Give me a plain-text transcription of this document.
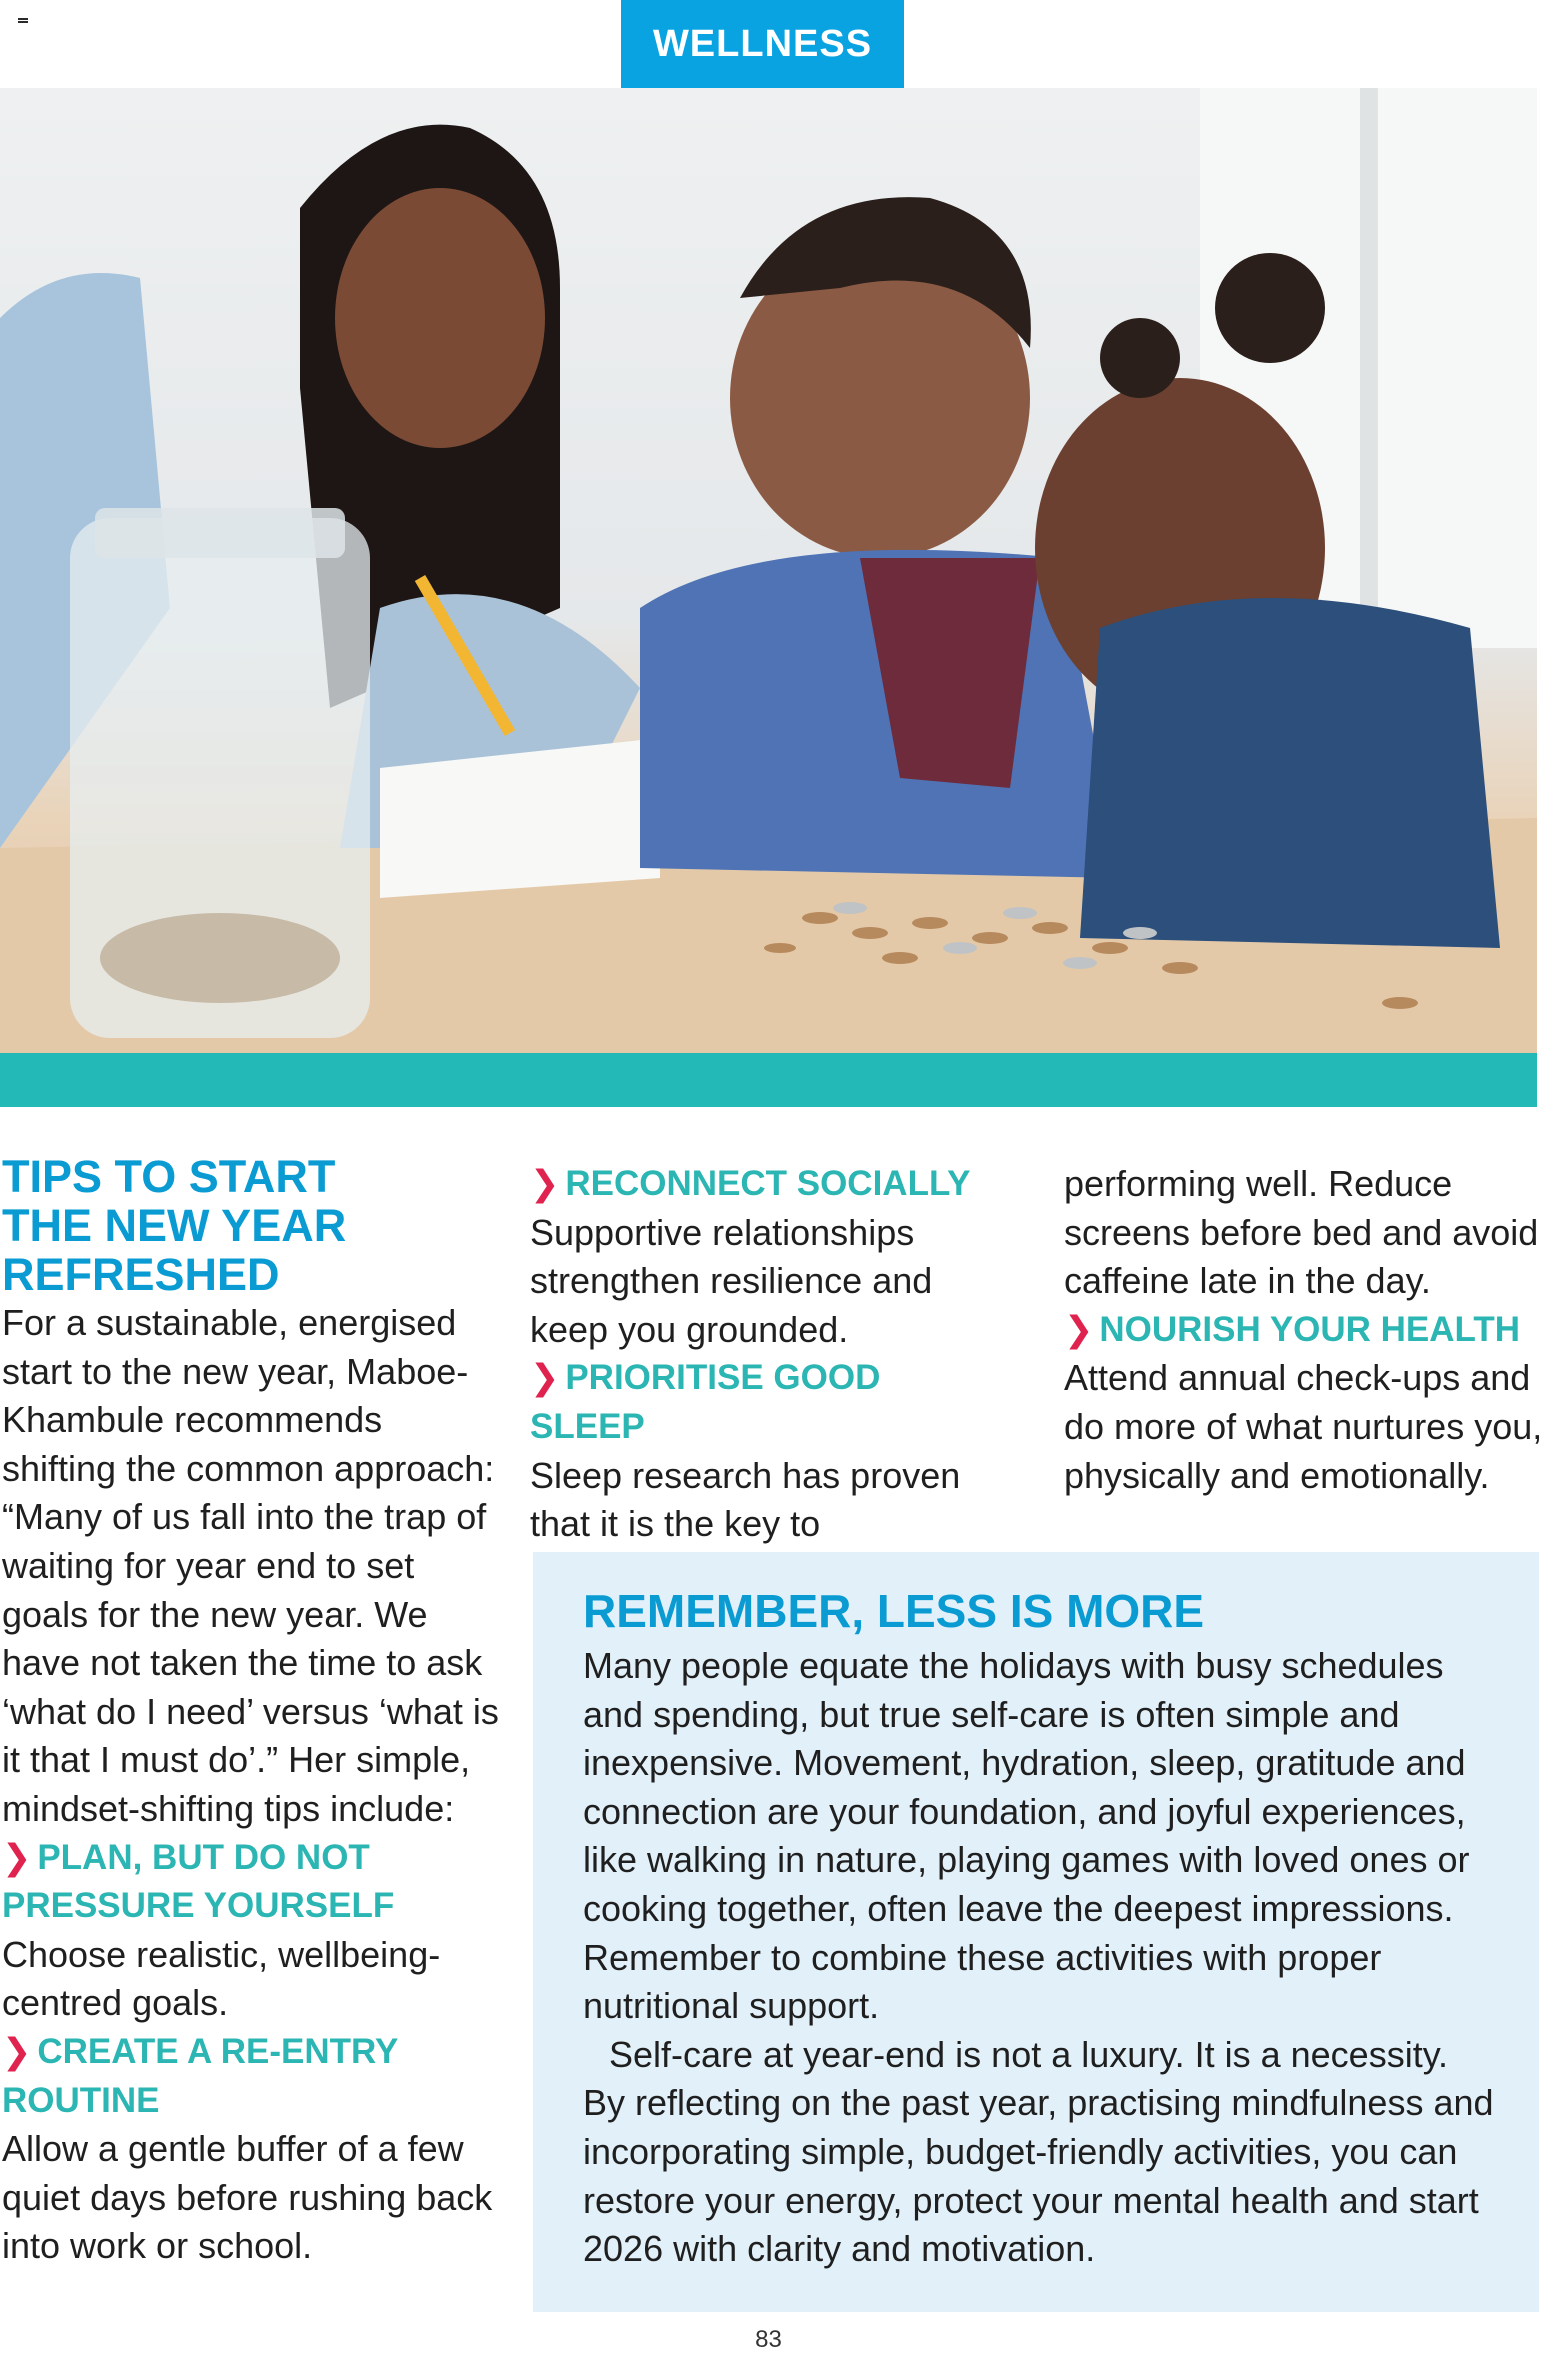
WELLNESS
TIPS TO START
THE NEW YEAR
REFRESHED

For a sustainable, energised start to the new year, Maboe-Khambule recommends shifting the common approach: “Many of us fall into the trap of waiting for year end to set goals for the new year. We have not taken the time to ask ‘what do I need’ versus ‘what is it that I must do’.” Her simple, mindset-shifting tips include:

❯ PLAN, BUT DO NOT PRESSURE YOURSELF

Choose realistic, wellbeing-centred goals.

❯ CREATE A RE-ENTRY ROUTINE

Allow a gentle buffer of a few quiet days before rushing back into work or school.

❯ RECONNECT SOCIALLY

Supportive relationships strengthen resilience and keep you grounded.

❯ PRIORITISE GOOD SLEEP

Sleep research has proven that it is the key to

performing well. Reduce screens before bed and avoid caffeine late in the day.

❯ NOURISH YOUR HEALTH

Attend annual check-ups and do more of what nurtures you, physically and emotionally.

REMEMBER, LESS IS MORE

Many people equate the holidays with busy schedules and spending, but true self-care is often simple and inexpensive. Movement, hydration, sleep, gratitude and connection are your foundation, and joyful experiences, like walking in nature, playing games with loved ones or cooking together, often leave the deepest impressions. Remember to combine these activities with proper nutritional support.

Self-care at year-end is not a luxury. It is a necessity. By reflecting on the past year, practising mindfulness and incorporating simple, budget-friendly activities, you can restore your energy, protect your mental health and start 2026 with clarity and motivation.

83
